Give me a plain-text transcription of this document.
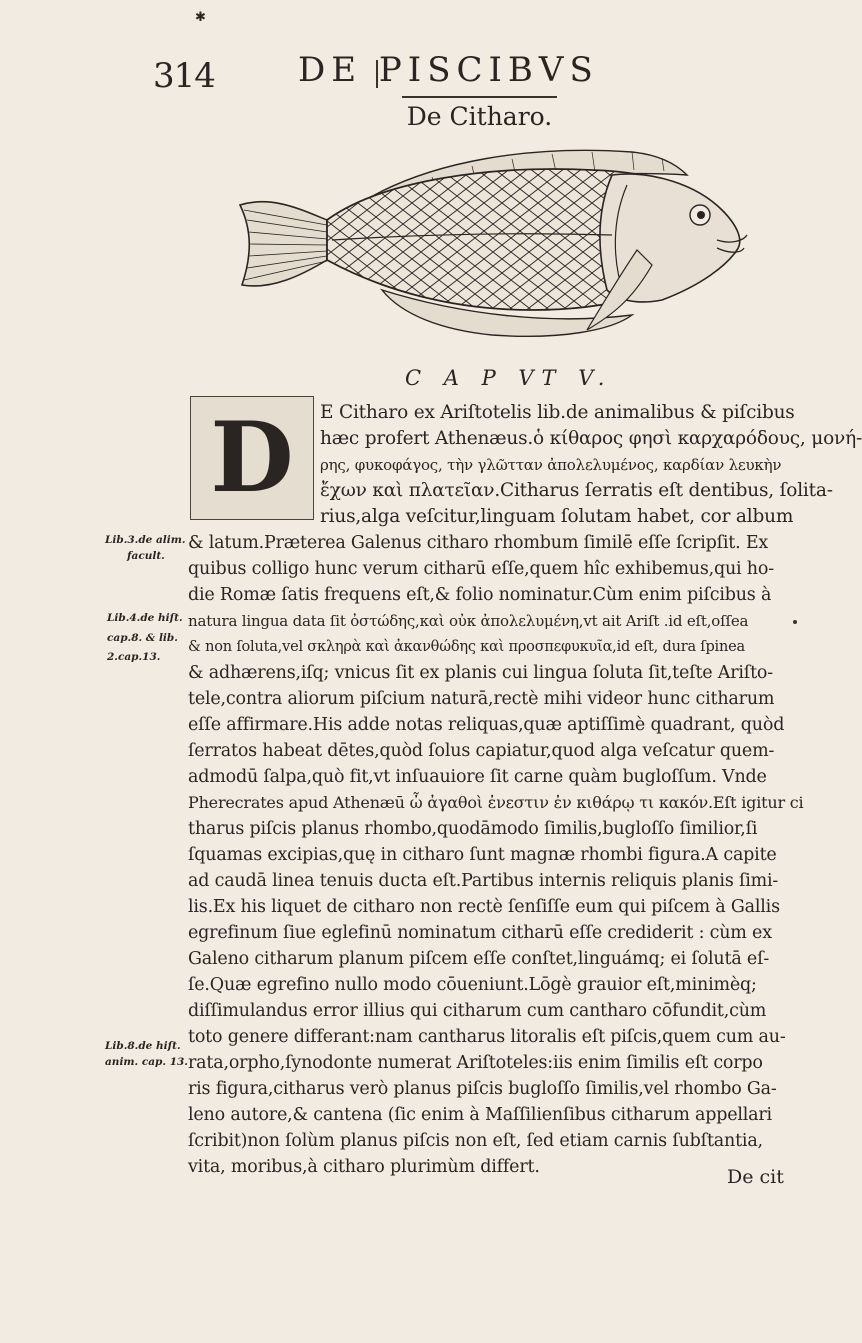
✱
314 DE PISCIBVS
De Citharo.
C A P VT V.
D E Citharo ex Ariſtotelis lib.de animalibus & piſcibus
hæc profert Athenæus.ὁ κίθαρος φησὶ καρχαρόδους, μονή-
ρης, φυκοφάγος, τὴν γλῶτταν ἀπολελυμένος, καρδίαν λευκὴν
ἔχων καὶ πλατεῖαν.Citharus ſerratis eſt dentibus, ſolita-
rius,alga veſcitur,linguam ſolutam habet, cor album
& latum.Præterea Galenus citharo rhombum ſimilē eſſe ſcripſit. Ex
quibus colligo hunc verum citharū eſſe,quem hîc exhibemus,qui ho-
die Romæ ſatis frequens eſt,& folio nominatur.Cùm enim piſcibus à
natura lingua data ſit ὀστώδης,καὶ οὐκ ἀπολελυμένη,vt ait Ariſt .id eſt,oſſea
& non ſoluta,vel σκληρὰ καὶ ἀκανθώδης καὶ προσπεφυκυῖα,id eſt, dura ſpinea
& adhærens,iſq; vnicus ſit ex planis cui lingua ſoluta ſit,teſte Ariſto-
tele,contra aliorum piſcium naturā,rectè mihi videor hunc citharum
eſſe affirmare.His adde notas reliquas,quæ aptiſſimè quadrant, quòd
ſerratos habeat dētes,quòd ſolus capiatur,quod alga veſcatur quem-
admodū ſalpa,quò fit,vt inſuauiore ſit carne quàm bugloſſum. Vnde
Pherecrates apud Athenæū ὦ ἀγαθοὶ ἐνεστιν ἐν κιθάρῳ τι κακόν.Eſt igitur ci
tharus piſcis planus rhombo,quodāmodo ſimilis,bugloſſo ſimilior,ſi
ſquamas excipias,quę in citharo ſunt magnæ rhombi figura.A capite
ad caudā linea tenuis ducta eſt.Partibus internis reliquis planis ſimi-
lis.Ex his liquet de citharo non rectè ſenſiſſe eum qui piſcem à Gallis
egrefinum ſiue eglefinū nominatum citharū eſſe crediderit : cùm ex
Galeno citharum planum piſcem eſſe conſtet,linguámq; ei ſolutā eſ-
ſe.Quæ egrefino nullo modo cōueniunt.Lōgè grauior eſt,minimèq;
diſſimulandus error illius qui citharum cum cantharo cōfundit,cùm
toto genere differant:nam cantharus litoralis eſt piſcis,quem cum au-
rata,orpho,ſynodonte numerat Ariſtoteles:iis enim ſimilis eſt corpo
ris figura,citharus verò planus piſcis bugloſſo ſimilis,vel rhombo Ga-
lenо autore,& cantena (ſic enim à Maſſilienſibus citharum appellari
ſcribit)non ſolùm planus piſcis non eſt, ſed etiam carnis ſubſtantia,
vita, moribus,à citharo plurimùm differt.
Lib.3.de alim.
facult.
Lib.4.de hiſt.
cap.8. & lib.
2.cap.13.
Lib.8.de hiſt.
anim. cap. 13.
De cit
